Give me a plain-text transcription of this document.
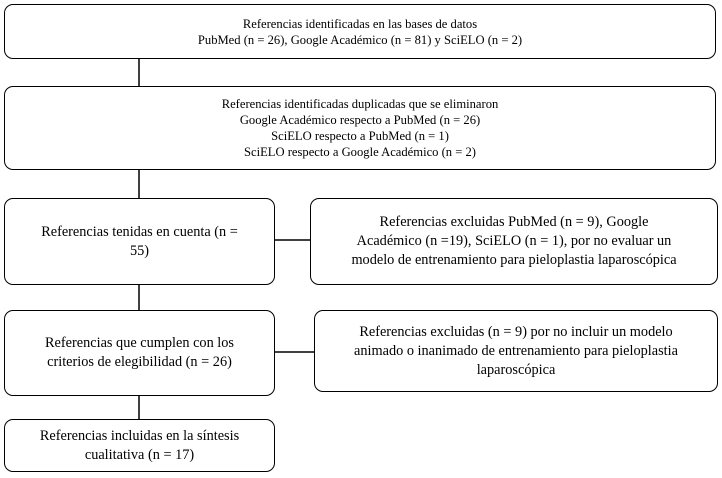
Referencias identificadas en las bases de datos
PubMed (n = 26), Google Académico (n = 81) y SciELO (n = 2)
Referencias identificadas duplicadas que se eliminaron
Google Académico respecto a PubMed (n = 26)
SciELO respecto a PubMed (n = 1)
SciELO respecto a Google Académico (n = 2)
Referencias tenidas en cuenta (n =
55)
Referencias excluidas PubMed (n = 9), Google
Académico (n =19), SciELO (n = 1), por no evaluar un
modelo de entrenamiento para pieloplastia laparoscópica
Referencias que cumplen con los
criterios de elegibilidad (n = 26)
Referencias excluidas (n = 9) por no incluir un modelo
animado o inanimado de entrenamiento para pieloplastia
laparoscópica
Referencias incluidas en la síntesis
cualitativa (n = 17)
